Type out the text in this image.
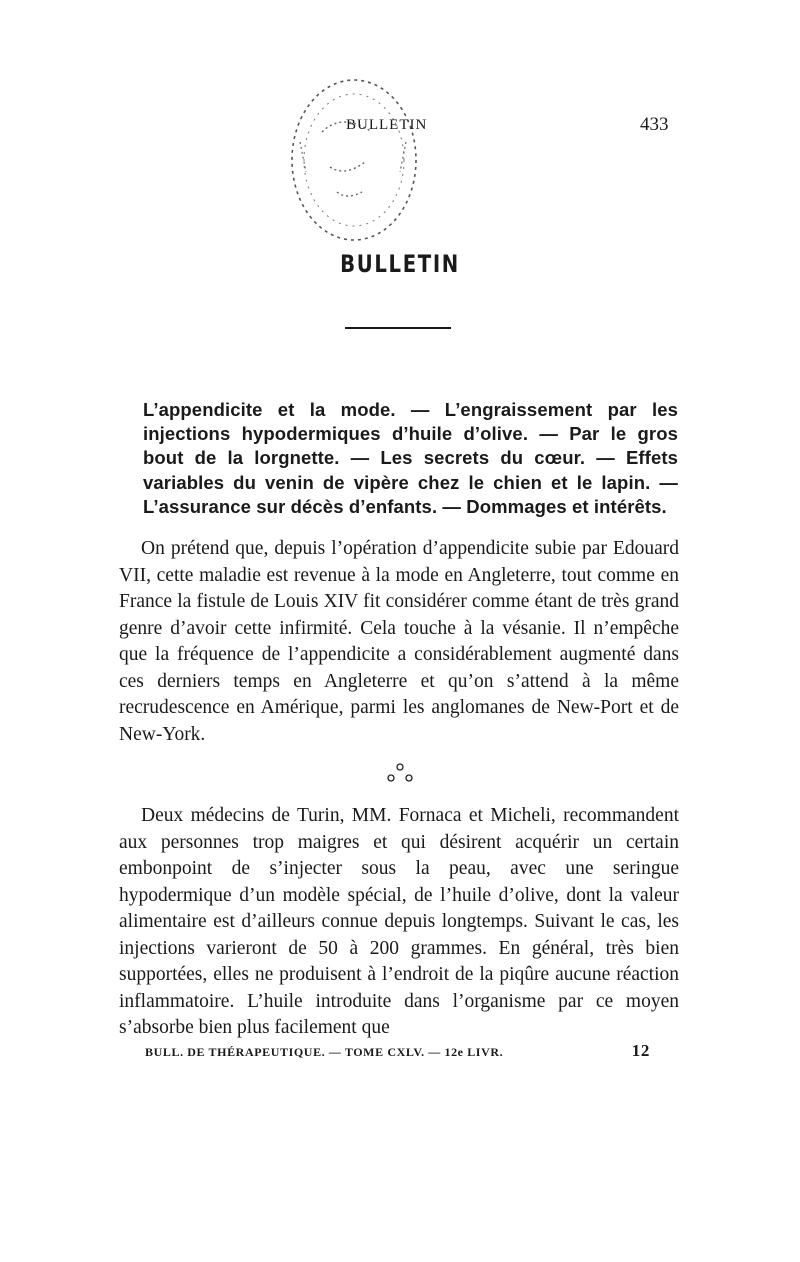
BULLETIN	433
BULLETIN
L’appendicite et la mode. — L’engraissement par les injections hypodermiques d’huile d’olive. — Par le gros bout de la lorgnette. — Les secrets du cœur. — Effets variables du venin de vipère chez le chien et le lapin. — L’assurance sur décès d’enfants. — Dommages et intérêts.
On prétend que, depuis l’opération d’appendicite subie par Edouard VII, cette maladie est revenue à la mode en Angleterre, tout comme en France la fistule de Louis XIV fit considérer comme étant de très grand genre d’avoir cette infirmité. Cela touche à la vésanie. Il n’empêche que la fréquence de l’appendicite a considérablement augmenté dans ces derniers temps en Angleterre et qu’on s’attend à la même recrudescence en Amérique, parmi les anglomanes de New-Port et de New-York.
Deux médecins de Turin, MM. Fornaca et Micheli, recommandent aux personnes trop maigres et qui désirent acquérir un certain embonpoint de s’injecter sous la peau, avec une seringue hypodermique d’un modèle spécial, de l’huile d’olive, dont la valeur alimentaire est d’ailleurs connue depuis longtemps. Suivant le cas, les injections varieront de 50 à 200 grammes. En général, très bien supportées, elles ne produisent à l’endroit de la piqûre aucune réaction inflammatoire. L’huile introduite dans l’organisme par ce moyen s’absorbe bien plus facilement que
BULL. DE THÉRAPEUTIQUE. — TOME CXLV. — 12e LIVR.	12
